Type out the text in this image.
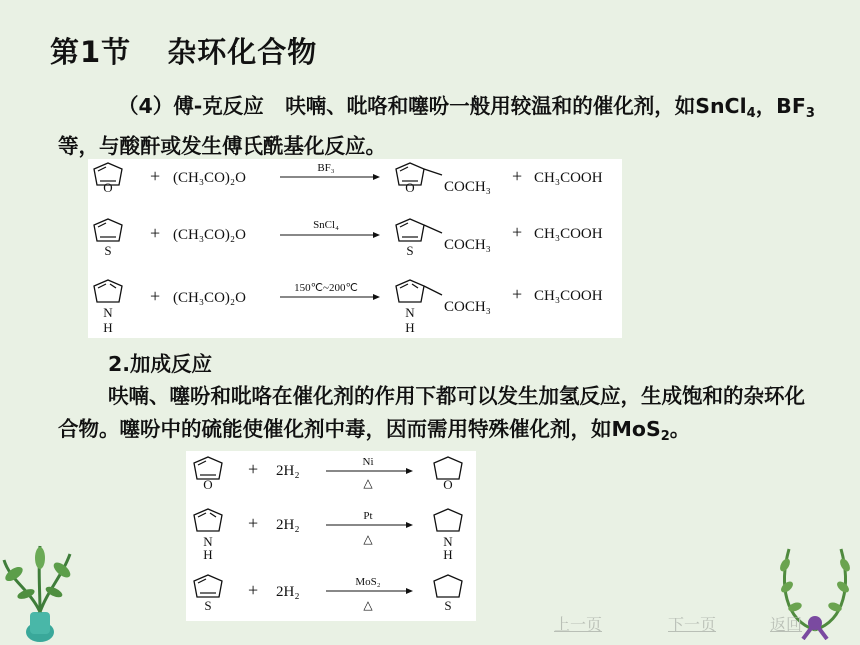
第1节 杂环化合物
（4）傅-克反应 呋喃、吡咯和噻吩一般用较温和的催化剂，如SnCl$_4$，$BF_3$等，与酸酐或发生傅氏酰基化反应。
O
+ (CH₃CO)₂O
BF₃
O COCH₃
+ CH₃COOH
S
+ (CH₃CO)₂O
SnCl₄
S COCH₃
+ CH₃COOH
N
H
+ (CH₃CO)₂O
150℃~200℃
N
H
COCH₃
+ CH₃COOH
2.加成反应
呋喃、噻吩和吡咯在催化剂的作用下都可以发生加氢反应，生成饱和的杂环化合物。噻吩中的硫能使催化剂中毒，因而需用特殊催化剂，如MoS$_2$。
O
+ 2H₂
Ni
△	O
N
H
+ 2H₂
Pt
△	N
H
S
+ 2H₂
MoS₂
△	S
上一页	下一页	返回
